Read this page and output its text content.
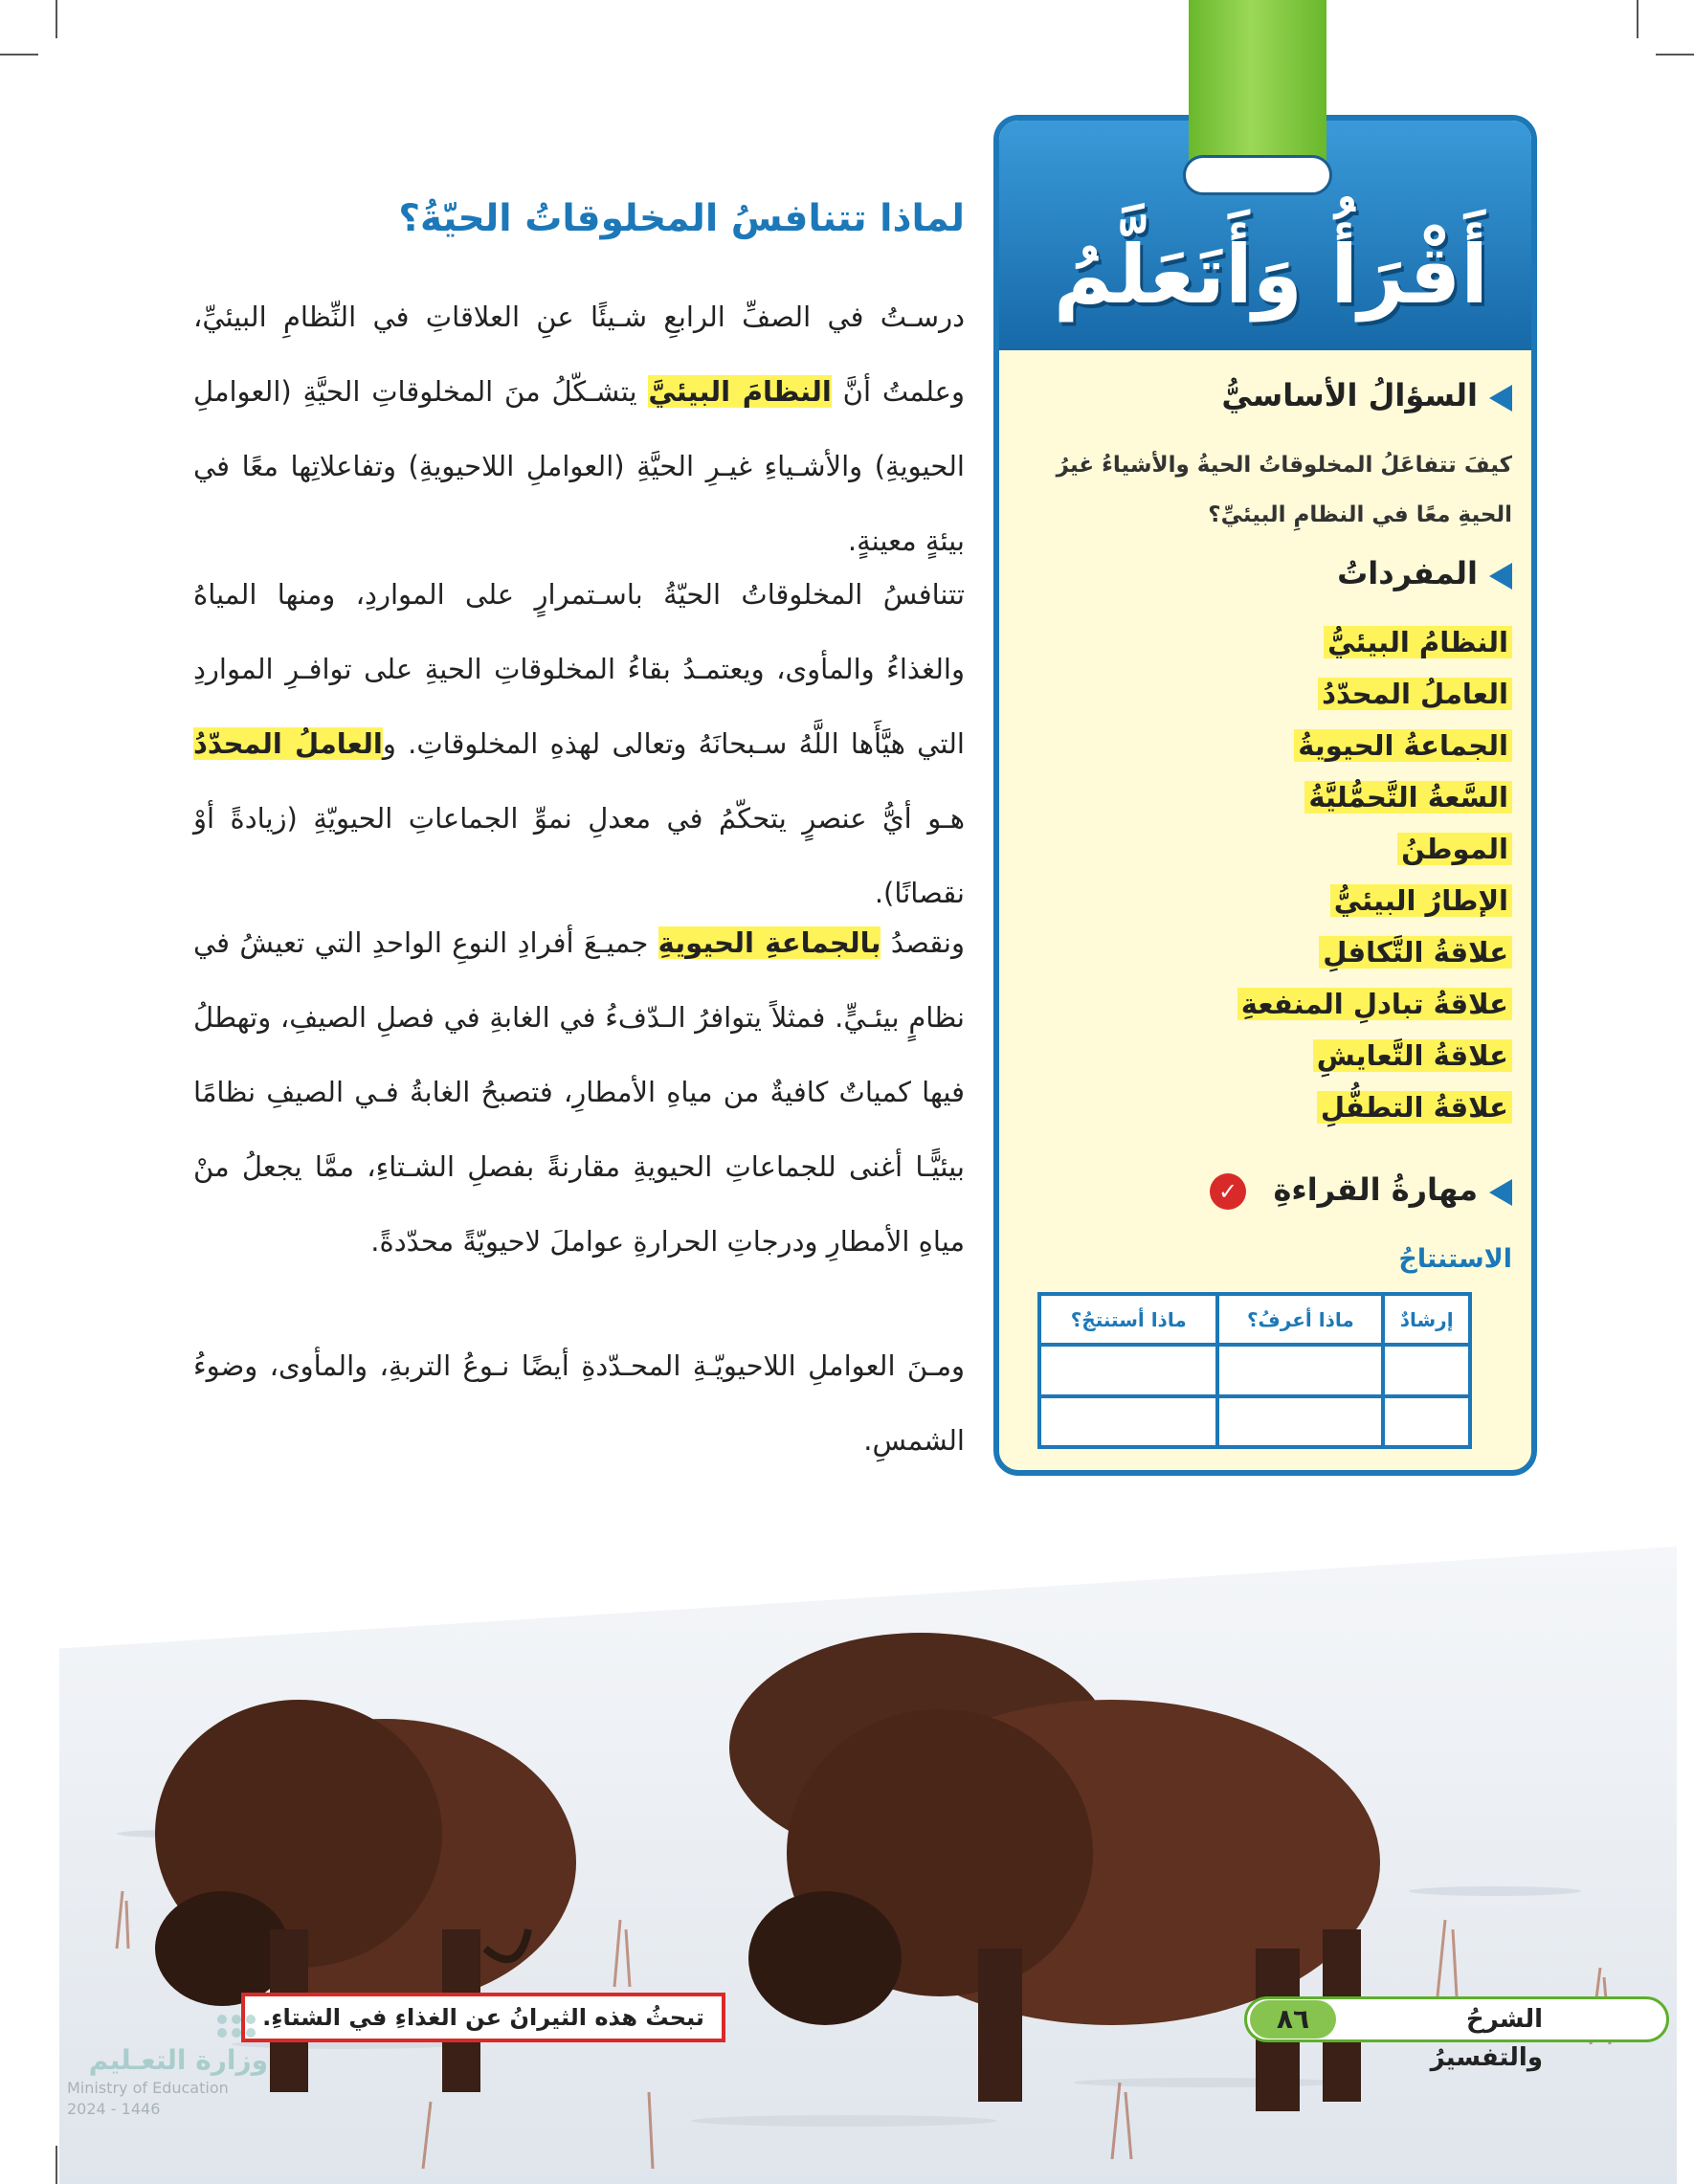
أَقْرَأُ وَأَتَعَلَّمُ
السؤالُ الأساسيُّ
كيفَ تتفاعَلُ المخلوقاتُ الحيةُ والأشياءُ غيرُ الحيةِ معًا في النظامِ البيئيِّ؟
المفرداتُ

النظامُ البيئيُّ

العاملُ المحدّدُ

الجماعةُ الحيويةُ

السَّعةُ التَّحمُّليَّةُ

الموطنُ

الإطارُ البيئيُّ

علاقةُ التَّكافلِ

علاقةُ تبادلِ المنفعةِ

علاقةُ التَّعايشِ

علاقةُ التطفُّلِ

مهارةُ القراءةِ
✓
الاستنتاجُ
إرشادٌ	ماذا أعرفُ؟	ماذا أستنتجُ؟

لماذا تتنافسُ المخلوقاتُ الحيّةُ؟

درسـتُ في الصفِّ الرابعِ شـيئًا عنِ العلاقاتِ في النِّظامِ البيئيِّ، وعلمتُ أنَّ النظامَ البيئيَّ يتشـكّلُ منَ المخلوقاتِ الحيَّةِ (العواملِ الحيويةِ) والأشـياءِ غيـرِ الحيَّةِ (العواملِ اللاحيويةِ) وتفاعلاتِها معًا في بيئةٍ معينةٍ.

تتنافسُ المخلوقاتُ الحيّةُ باسـتمرارٍ على المواردِ، ومنها المياهُ والغذاءُ والمأوى، ويعتمـدُ بقاءُ المخلوقاتِ الحيةِ على توافـرِ المواردِ التي هيَّأَها اللَّهُ سـبحانَهُ وتعالى لهذهِ المخلوقاتِ. والعاملُ المحدّدُ هـو أيُّ عنصرٍ يتحكّمُ في معدلِ نموِّ الجماعاتِ الحيويّةِ (زيادةً أوْ نقصانًا).

ونقصدُ بالجماعةِ الحيويةِ جميـعَ أفرادِ النوعِ الواحدِ التي تعيشُ في نظامٍ بيئـيٍّ. فمثلاً يتوافرُ الـدّفءُ في الغابةِ في فصلِ الصيفِ، وتهطلُ فيها كمياتٌ كافيةٌ من مياهِ الأمطارِ، فتصبحُ الغابةُ فـي الصيفِ نظامًا بيئيًّـا أغنى للجماعاتِ الحيويةِ مقارنةً بفصلِ الشـتاءِ، ممَّا يجعلُ منْ مياهِ الأمطارِ ودرجاتِ الحرارةِ عواملَ لاحيويّةً محدّدةً.

ومـنَ العواملِ اللاحيويّـةِ المحـدّدةِ أيضًا نـوعُ التربةِ، والمأوى، وضوءُ الشمسِ.

تبحثُ هذه الثيرانُ عن الغذاءِ في الشتاءِ.	الشرحُ والتفسيرُ
٨٦
وزارة التعـليم
Ministry of Education
2024 - 1446
